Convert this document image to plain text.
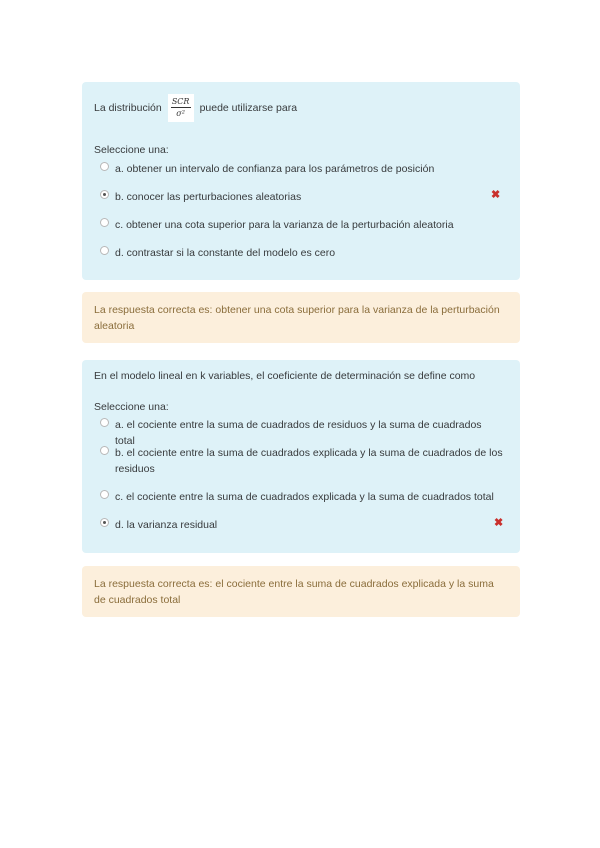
La distribución $\frac{\text{SCR}}{\text{σ²}}$ puede utilizarse para
Seleccione una:
a. obtener un intervalo de confianza para los parámetros de posición
b. conocer las perturbaciones aleatorias	✖
c. obtener una cota superior para la varianza de la perturbación aleatoria
d. contrastar si la constante del modelo es cero
La respuesta correcta es: obtener una cota superior para la varianza de la perturbación aleatoria
En el modelo lineal en k variables, el coeficiente de determinación se define como
Seleccione una:
a. el cociente entre la suma de cuadrados de residuos y la suma de cuadrados total
b. el cociente entre la suma de cuadrados explicada y la suma de cuadrados de los residuos
c. el cociente entre la suma de cuadrados explicada y la suma de cuadrados total
d. la varianza residual	✖
La respuesta correcta es: el cociente entre la suma de cuadrados explicada y la suma de cuadrados total
